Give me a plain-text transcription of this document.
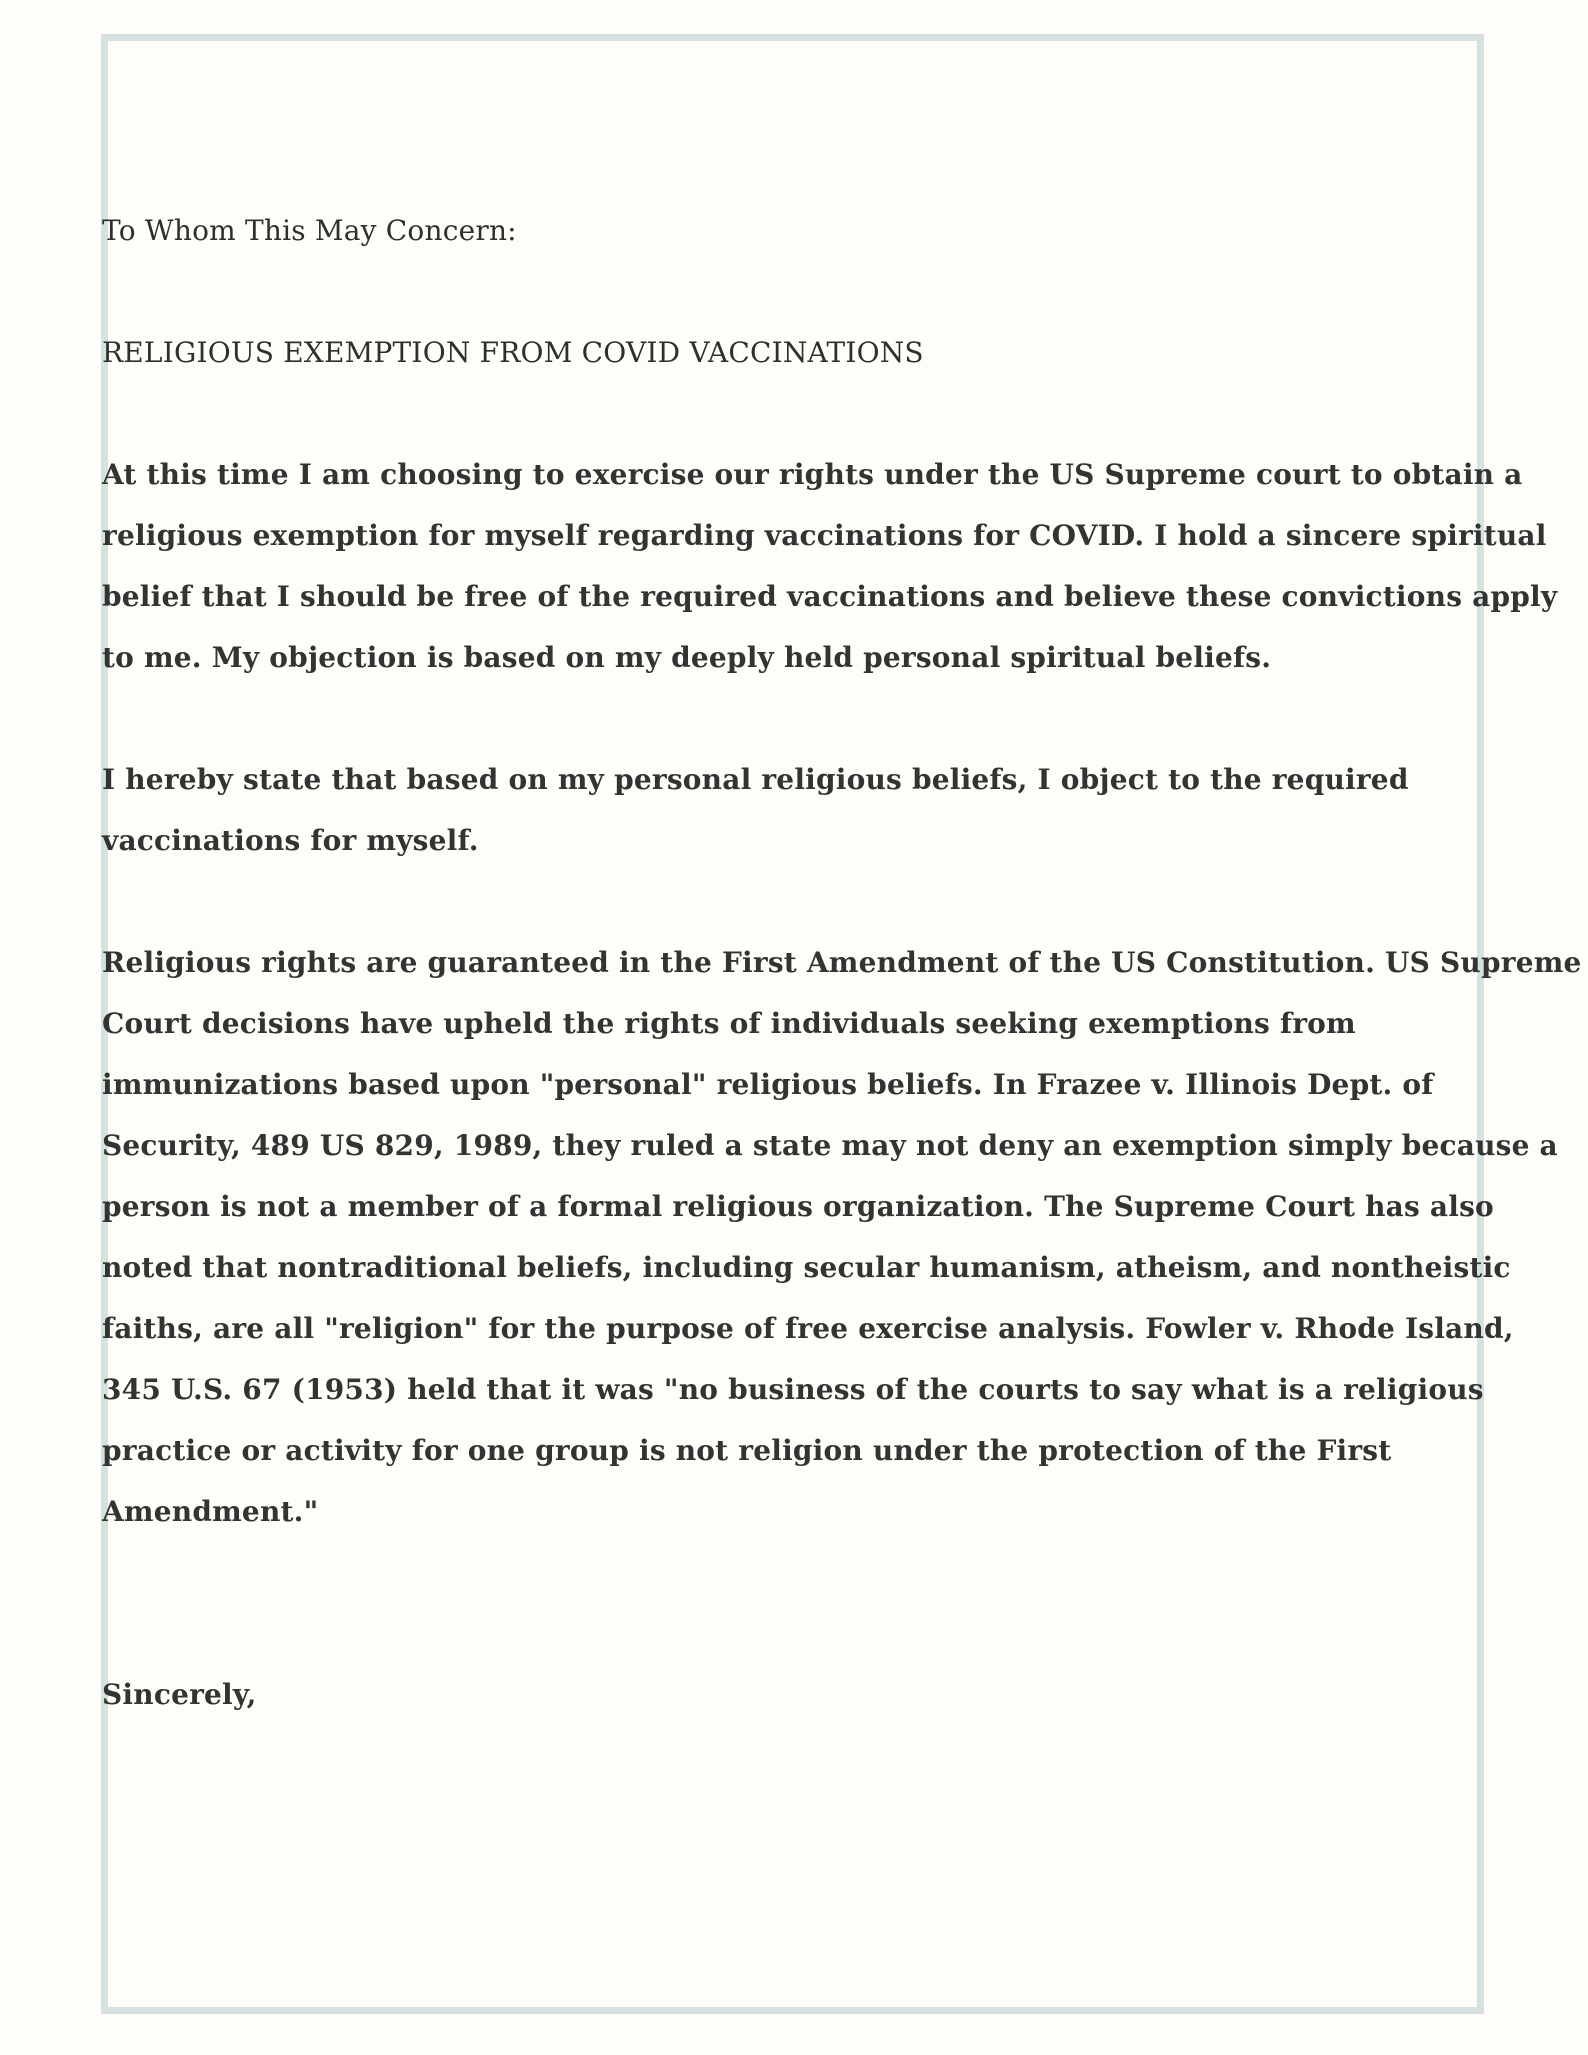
To Whom This May Concern:

RELIGIOUS EXEMPTION FROM COVID VACCINATIONS

At this time I am choosing to exercise our rights under the US Supreme court to obtain a
religious exemption for myself regarding vaccinations for COVID. I hold a sincere spiritual
belief that I should be free of the required vaccinations and believe these convictions apply
to me. My objection is based on my deeply held personal spiritual beliefs.

I hereby state that based on my personal religious beliefs, I object to the required
vaccinations for myself.

Religious rights are guaranteed in the First Amendment of the US Constitution. US Supreme
Court decisions have upheld the rights of individuals seeking exemptions from
immunizations based upon "personal" religious beliefs. In Frazee v. Illinois Dept. of
Security, 489 US 829, 1989, they ruled a state may not deny an exemption simply because a
person is not a member of a formal religious organization. The Supreme Court has also
noted that nontraditional beliefs, including secular humanism, atheism, and nontheistic
faiths, are all "religion" for the purpose of free exercise analysis. Fowler v. Rhode Island,
345 U.S. 67 (1953) held that it was "no business of the courts to say what is a religious
practice or activity for one group is not religion under the protection of the First
Amendment."

Sincerely,
